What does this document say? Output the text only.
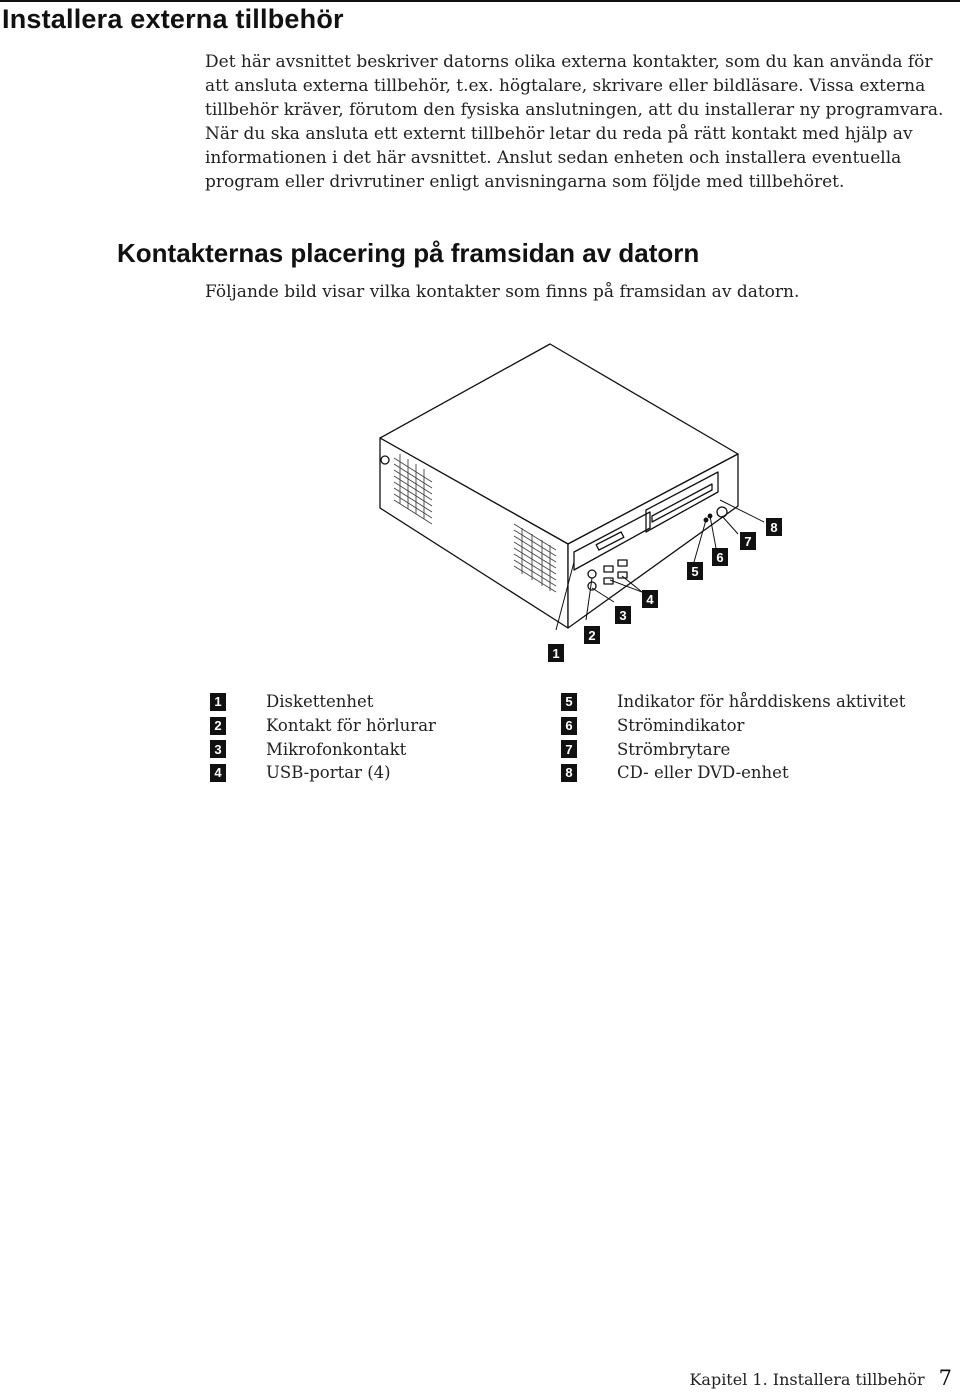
Installera externa tillbehör

Det här avsnittet beskriver datorns olika externa kontakter, som du kan använda för att ansluta externa tillbehör, t.ex. högtalare, skrivare eller bildläsare. Vissa externa tillbehör kräver, förutom den fysiska anslutningen, att du installerar ny programvara. När du ska ansluta ett externt tillbehör letar du reda på rätt kontakt med hjälp av informationen i det här avsnittet. Anslut sedan enheten och installera eventuella program eller drivrutiner enligt anvisningarna som följde med tillbehöret.

Kontakternas placering på framsidan av datorn

Följande bild visar vilka kontakter som finns på framsidan av datorn.

1
2
3
4
5
6
7
8
1	Diskettenhet
2	Kontakt för hörlurar
3	Mikrofonkontakt
4	USB-portar (4)
5	Indikator för hårddiskens aktivitet
6	Strömindikator
7	Strömbrytare
8	CD- eller DVD-enhet
Kapitel 1. Installera tillbehör 7
